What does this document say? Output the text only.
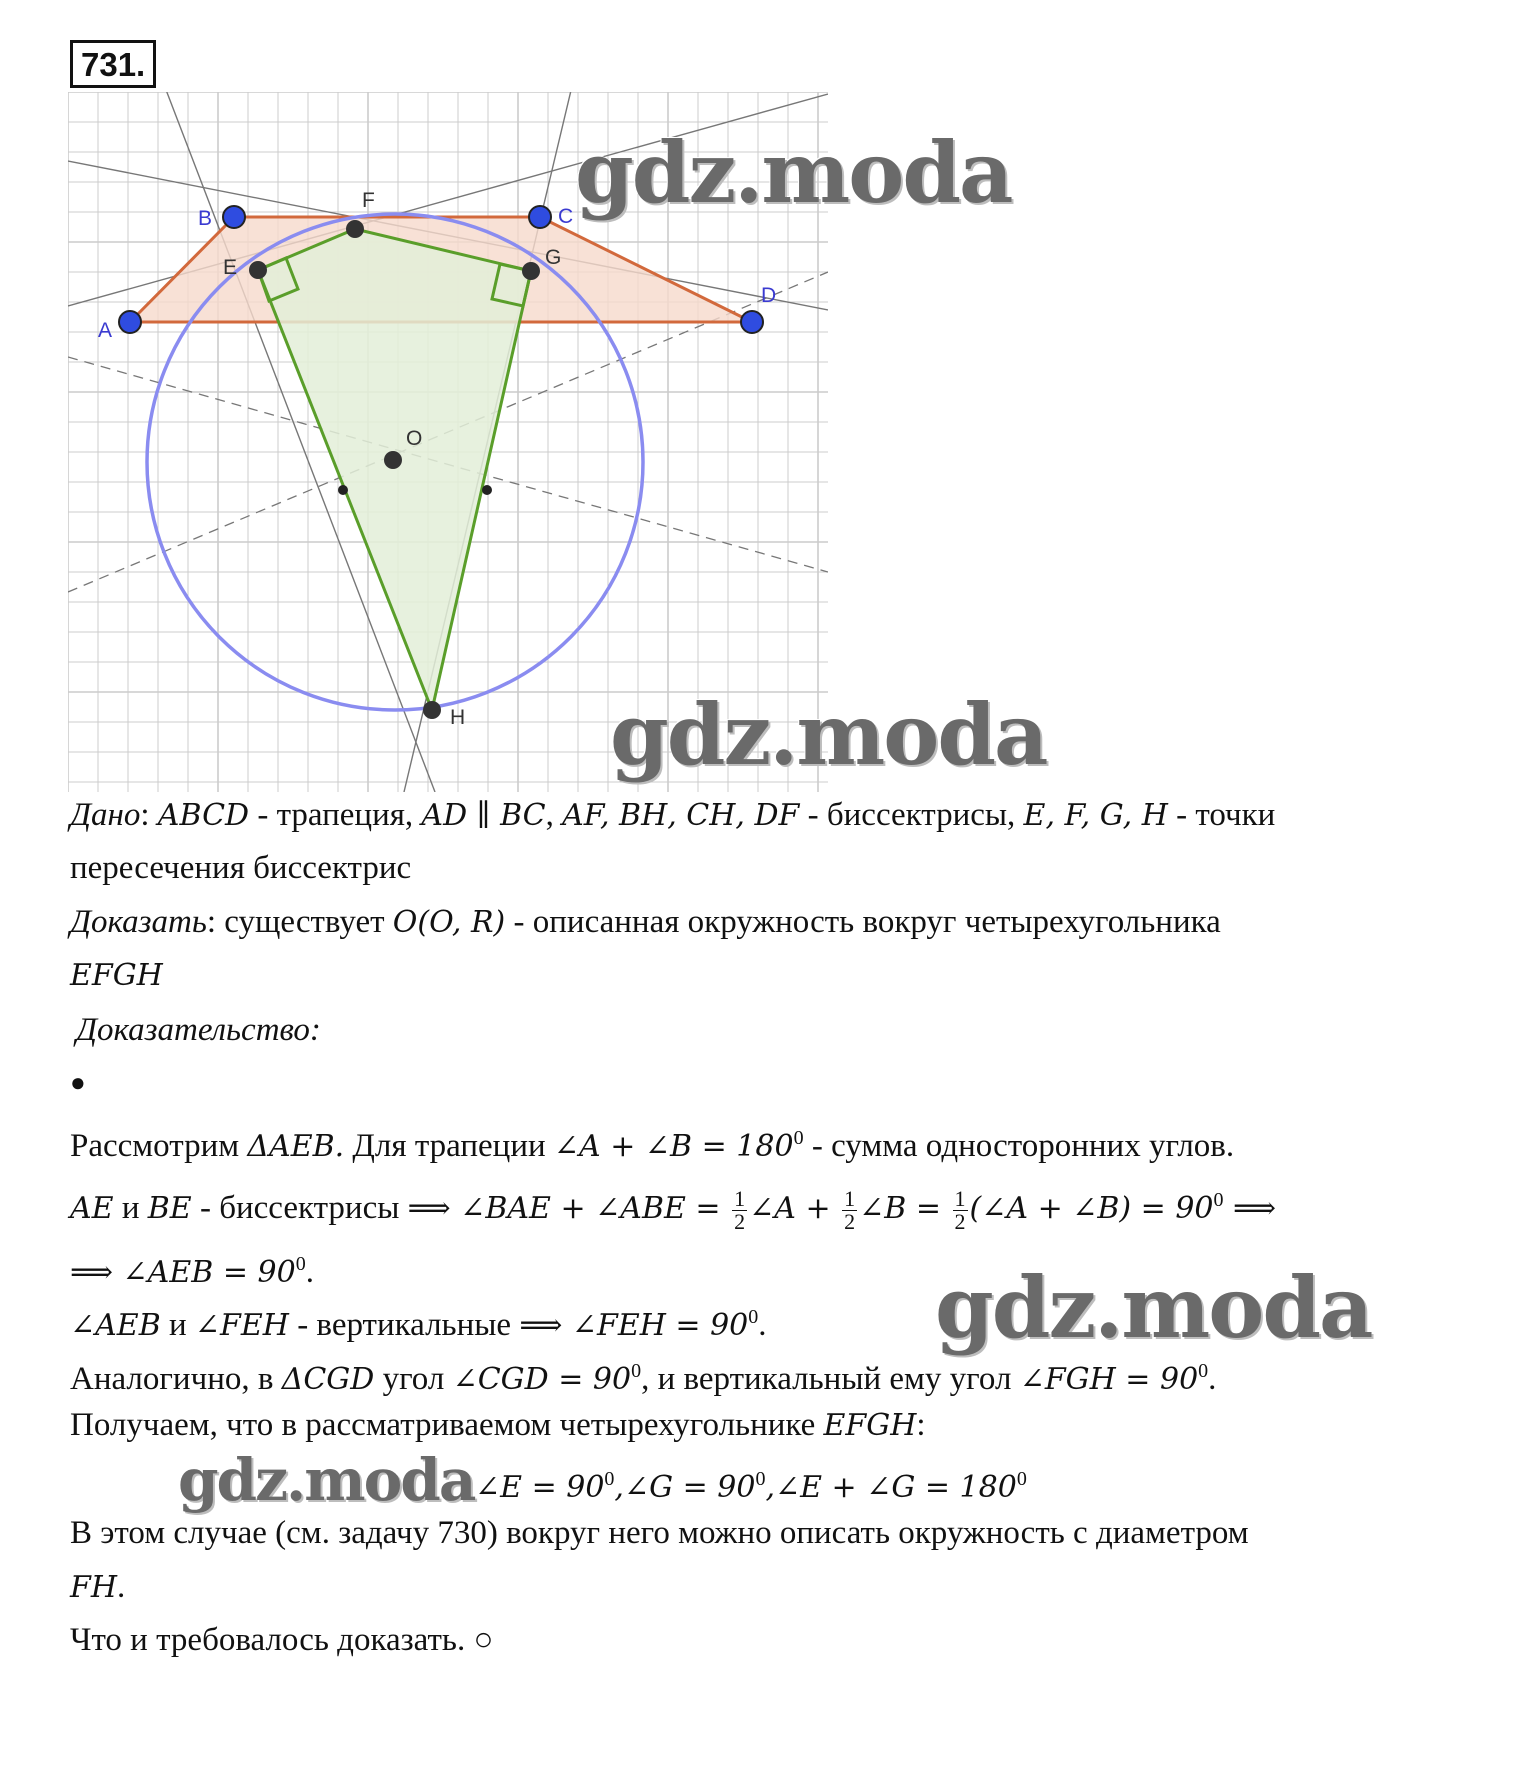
731.
A
B	C
D
E
F
G
H
O
gdz.moda
gdz.moda
gdz.moda
gdz.moda
Дано: ABCD - трапеция, AD ∥ BC, AF, BH, CH, DF - биссектрисы, E, F, G, H - точки
пересечения биссектрис
Доказать: существует O(O, R) - описанная окружность вокруг четырехугольника
EFGH
Доказательство:
●
Рассмотрим ΔAEB. Для трапеции ∠A + ∠B = $180^0$ - сумма односторонних углов.
AE и BE - биссектрисы ⟹ ∠BAE + ∠ABE = $\frac{1}{2}$ ∠A + $\frac{1}{2}$ ∠B = $\frac{1}{2}$ (∠A + ∠B) = $90^0$ ⟹
⟹ ∠AEB = $90^0$.
∠AEB и ∠FEH - вертикальные ⟹ ∠FEH = $90^0$.
Аналогично, в ΔCGD угол ∠CGD = $90^0$, и вертикальный ему угол ∠FGH = $90^0$.
Получаем, что в рассматриваемом четырехугольнике EFGH:
∠E = $90^0,\angle G$ = $90^0,\angle E$ + ∠G = $180^0$
В этом случае (см. задачу 730) вокруг него можно описать окружность с диаметром
FH.
Что и требовалось доказать. ○
